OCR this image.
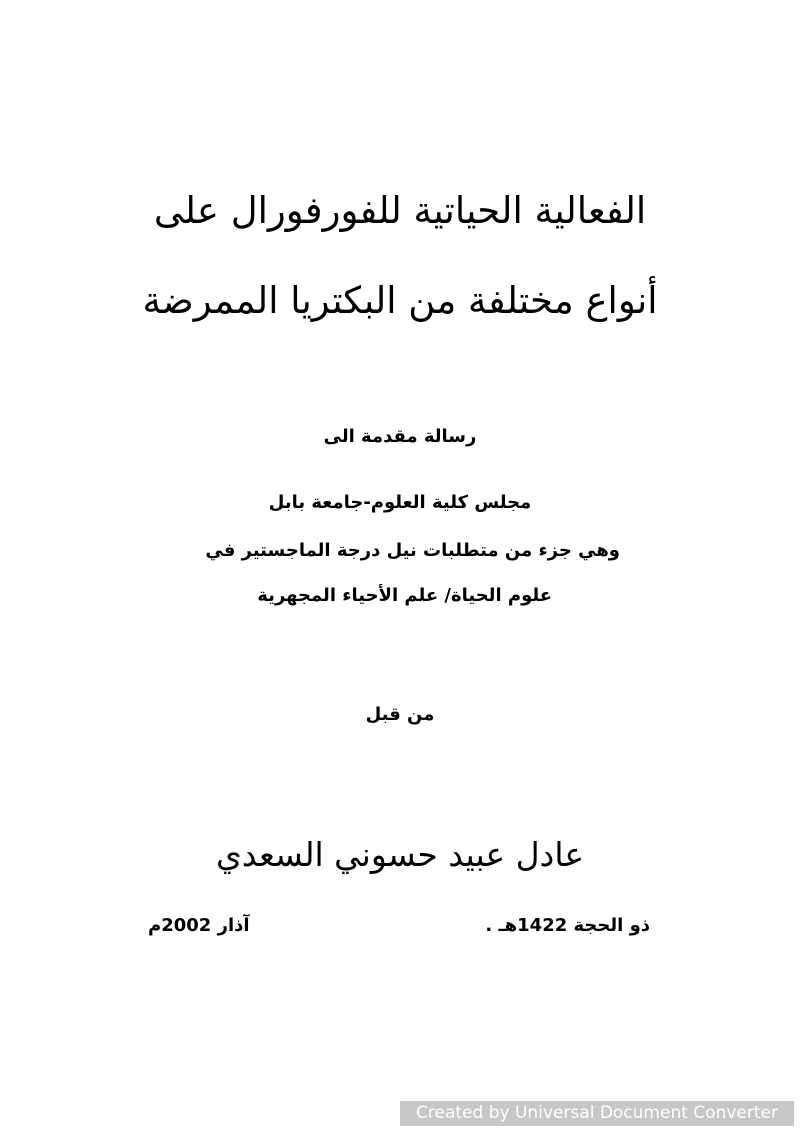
الفعالية الحياتية للفورفورال على
أنواع مختلفة من البكتريا الممرضة

رسالة مقدمة الى

مجلس كلية العلوم-جامعة بابل

وهي جزء من متطلبات نيل درجة الماجستير في

علوم الحياة/ علم الأحياء المجهرية

من قبل

عادل عبيد حسوني السعدي

ذو الحجة 1422هـ .

آذار 2002م

Created by Universal Document Converter
